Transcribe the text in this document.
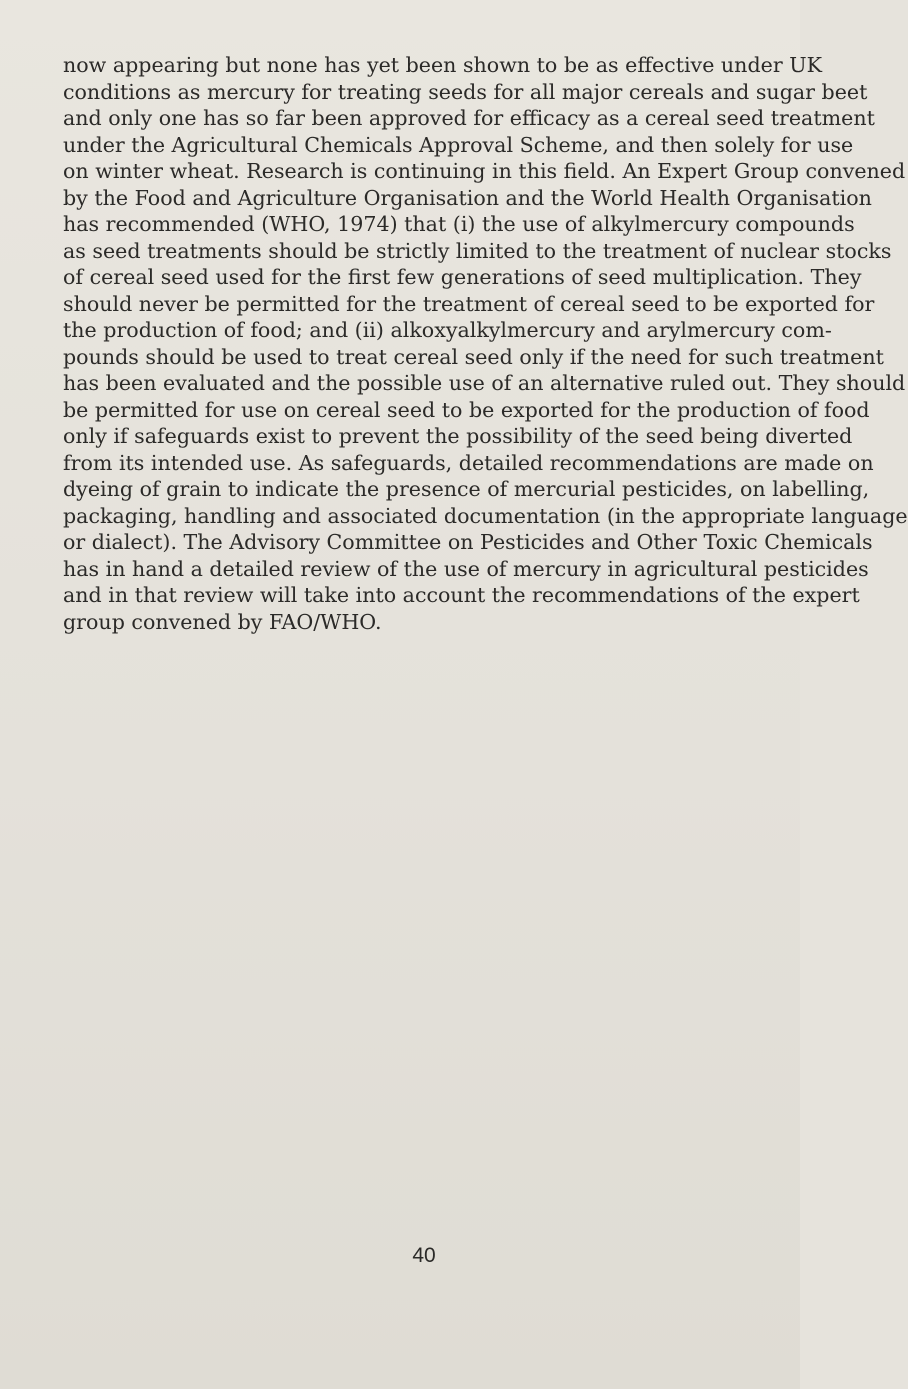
now appearing but none has yet been shown to be as effective under UK
conditions as mercury for treating seeds for all major cereals and sugar beet
and only one has so far been approved for efficacy as a cereal seed treatment
under the Agricultural Chemicals Approval Scheme, and then solely for use
on winter wheat. Research is continuing in this field. An Expert Group convened
by the Food and Agriculture Organisation and the World Health Organisation
has recommended (WHO, 1974) that (i) the use of alkylmercury compounds
as seed treatments should be strictly limited to the treatment of nuclear stocks
of cereal seed used for the first few generations of seed multiplication. They
should never be permitted for the treatment of cereal seed to be exported for
the production of food; and (ii) alkoxyalkylmercury and arylmercury com-
pounds should be used to treat cereal seed only if the need for such treatment
has been evaluated and the possible use of an alternative ruled out. They should
be permitted for use on cereal seed to be exported for the production of food
only if safeguards exist to prevent the possibility of the seed being diverted
from its intended use. As safeguards, detailed recommendations are made on
dyeing of grain to indicate the presence of mercurial pesticides, on labelling,
packaging, handling and associated documentation (in the appropriate language
or dialect). The Advisory Committee on Pesticides and Other Toxic Chemicals
has in hand a detailed review of the use of mercury in agricultural pesticides
and in that review will take into account the recommendations of the expert
group convened by FAO/WHO.
40
